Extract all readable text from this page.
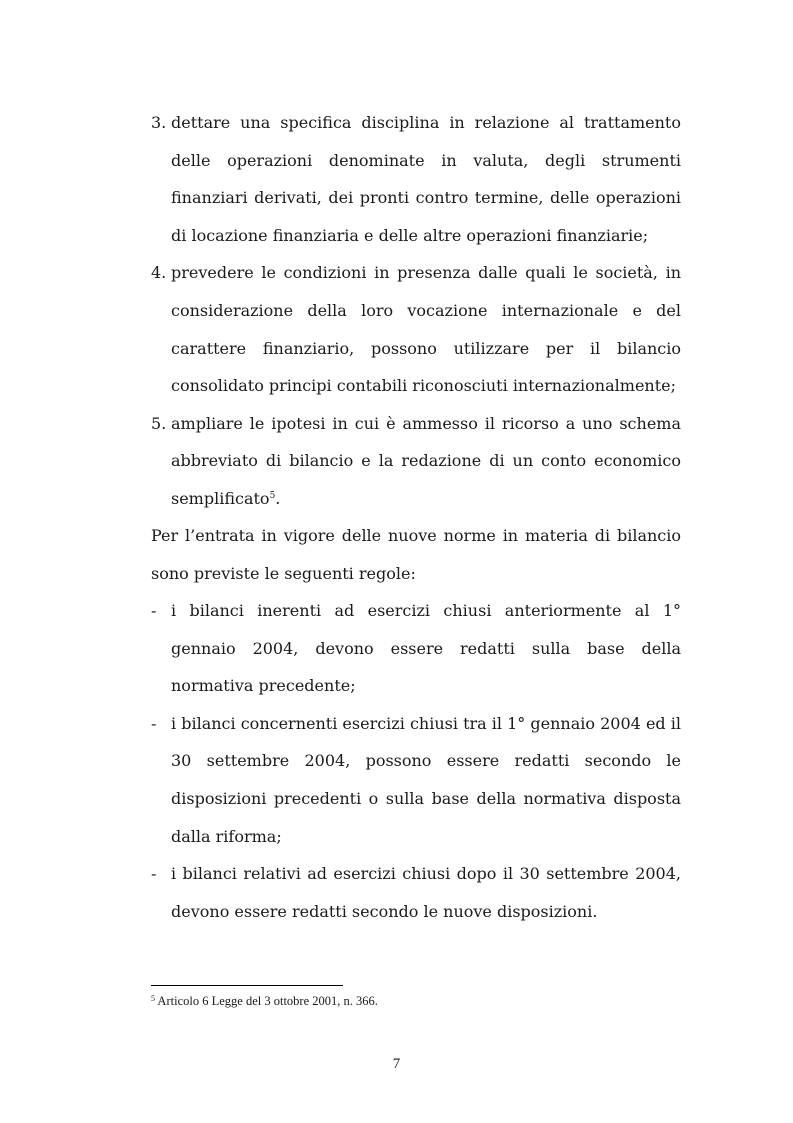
3. dettare una specifica disciplina in relazione al trattamento delle operazioni denominate in valuta, degli strumenti finanziari derivati, dei pronti contro termine, delle operazioni di locazione finanziaria e delle altre operazioni finanziarie;

4. prevedere le condizioni in presenza dalle quali le società, in considerazione della loro vocazione internazionale e del carattere finanziario, possono utilizzare per il bilancio consolidato principi contabili riconosciuti internazionalmente;

5. ampliare le ipotesi in cui è ammesso il ricorso a uno schema abbreviato di bilancio e la redazione di un conto economico semplificato$^5$.

Per l’entrata in vigore delle nuove norme in materia di bilancio sono previste le seguenti regole:

- i bilanci inerenti ad esercizi chiusi anteriormente al 1° gennaio 2004, devono essere redatti sulla base della normativa precedente;

- i bilanci concernenti esercizi chiusi tra il 1° gennaio 2004 ed il 30 settembre 2004, possono essere redatti secondo le disposizioni precedenti o sulla base della normativa disposta dalla riforma;

- i bilanci relativi ad esercizi chiusi dopo il 30 settembre 2004, devono essere redatti secondo le nuove disposizioni.

$^5$ Articolo 6 Legge del 3 ottobre 2001, n. 366.
7
